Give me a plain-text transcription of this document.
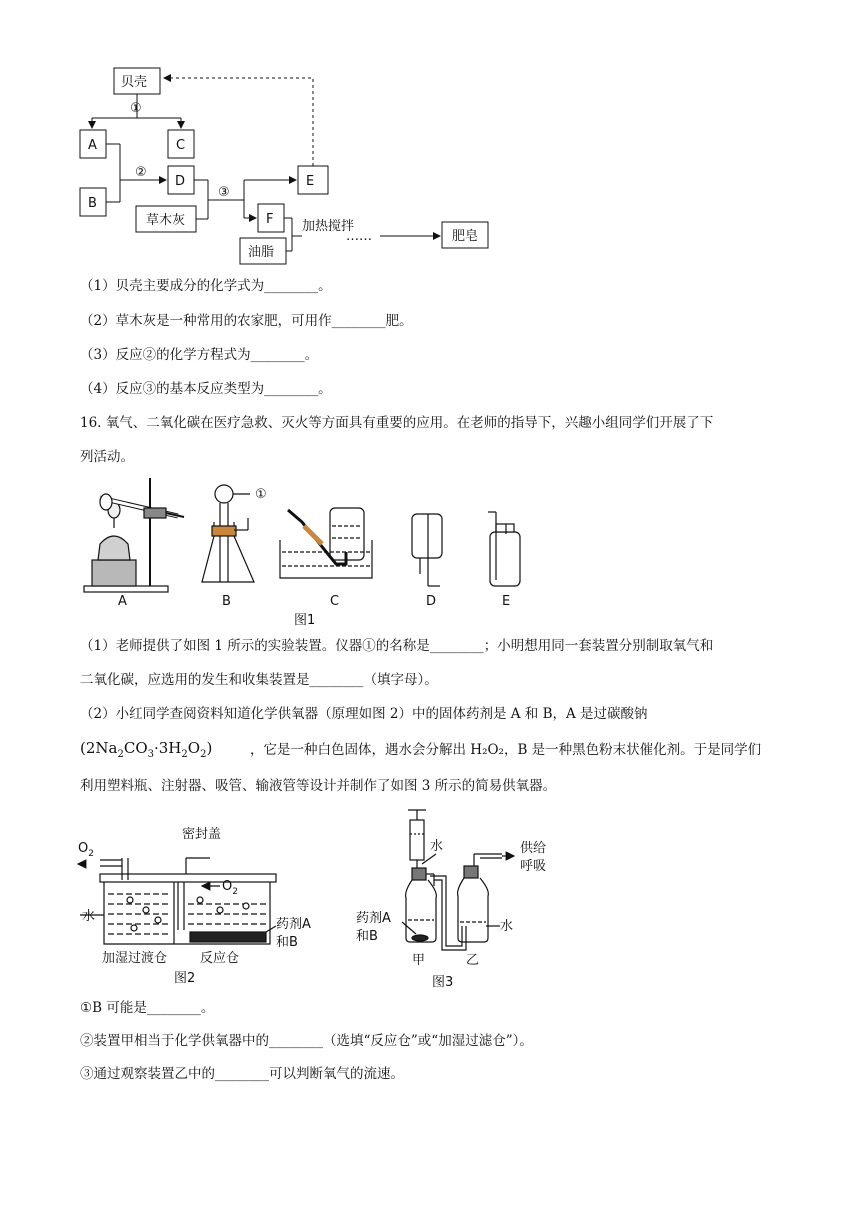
贝壳
①
A	C
B
②
D
草木灰
③
E
F
油脂
加热搅拌
……	肥皂
（1）贝壳主要成分的化学式为________。
（2）草木灰是一种常用的农家肥，可用作________肥。
（3）反应②的化学方程式为________。
（4）反应③的基本反应类型为________。
16. 氧气、二氧化碳在医疗急救、灭火等方面具有重要的应用。在老师的指导下，兴趣小组同学们开展了下
列活动。
①
A	B	C	D	E
图1
（1）老师提供了如图 1 所示的实验装置。仪器①的名称是________；小明想用同一套装置分别制取氧气和
二氧化碳，应选用的发生和收集装置是________（填字母）。
（2）小红同学查阅资料知道化学供氧器（原理如图 2）中的固体药剂是 A 和 B，A 是过碳酸钠
$(2Na_2CO_3\cdot 3H_2O_2)$	，它是一种白色固体，遇水会分解出 H₂O₂，B 是一种黑色粉末状催化剂。于是同学们
利用塑料瓶、注射器、吸管、输液管等设计并制作了如图 3 所示的简易供氧器。
$O_2$
密封盖
$O_2$
水
药剂A
和B
加湿过渡仓	反应仓
图2
水	供给
呼吸
药剂A
和B
水
甲	乙
图3
①B 可能是________。
②装置甲相当于化学供氧器中的________（选填“反应仓”或“加湿过滤仓”）。
③通过观察装置乙中的________可以判断氧气的流速。
